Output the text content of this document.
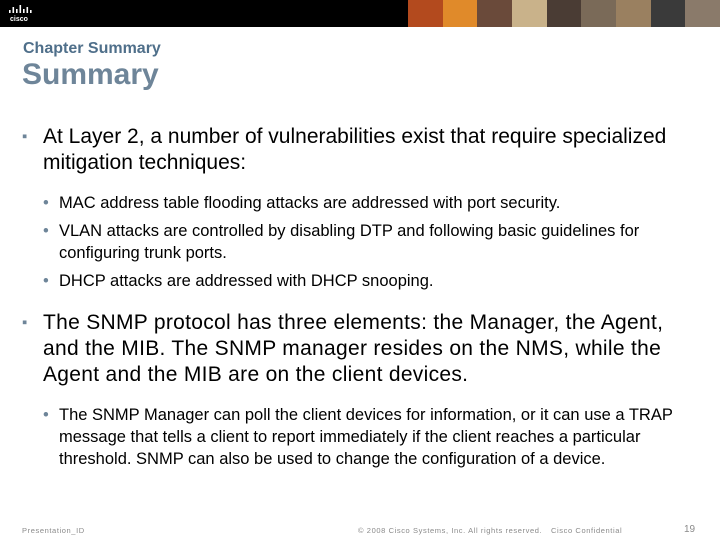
cisco
Chapter Summary
Summary
▪ At Layer 2, a number of vulnerabilities exist that require specialized mitigation techniques:
• MAC address table flooding attacks are addressed with port security.
• VLAN attacks are controlled by disabling DTP and following basic guidelines for configuring trunk ports.
• DHCP attacks are addressed with DHCP snooping.
▪ The SNMP protocol has three elements: the Manager, the Agent, and the MIB. The SNMP manager resides on the NMS, while the Agent and the MIB are on the client devices.
• The SNMP Manager can poll the client devices for information, or it can use a TRAP message that tells a client to report immediately if the client reaches a particular threshold. SNMP can also be used to change the configuration of a device.
Presentation_ID	© 2008 Cisco Systems, Inc. All rights reserved. Cisco Confidential	19
